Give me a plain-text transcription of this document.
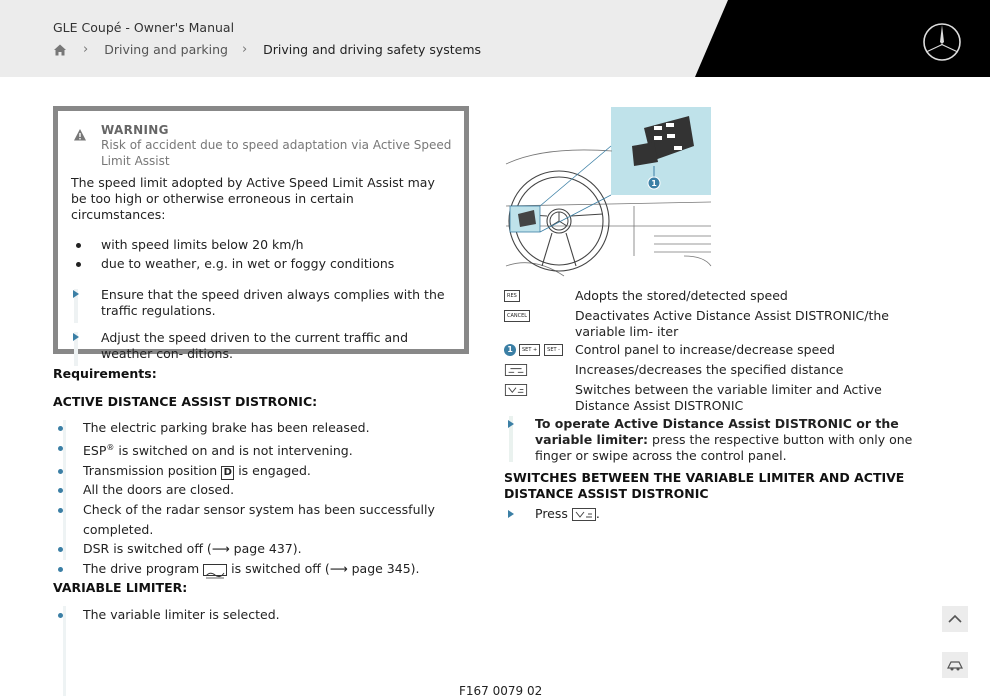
GLE Coupé - Owner's Manual
› Driving and parking › Driving and driving safety systems
WARNING
Risk of accident due to speed adaptation via Active Speed Limit Assist
The speed limit adopted by Active Speed Limit Assist may be too high or otherwise erroneous in certain circumstances:
with speed limits below 20 km/h
due to weather, e.g. in wet or foggy conditions
Ensure that the speed driven always complies with the traffic regulations.
Adjust the speed driven to the current traffic and weather con- ditions.
Requirements:
ACTIVE DISTANCE ASSIST DISTRONIC:
The electric parking brake has been released.
ESP® is switched on and is not intervening.
Transmission position D is engaged.
All the doors are closed.
Check of the radar sensor system has been successfully completed.
DSR is switched off (⟶ page 437).
The drive program  is switched off (⟶ page 345).
VARIABLE LIMITER:
The variable limiter is selected.
1
RES	Adopts the stored/detected speed
CANCEL	Deactivates Active Distance Assist DISTRONIC/the variable lim- iter
1 SET + SET - Control panel to increase/decrease speed
Increases/decreases the specified distance
Switches between the variable limiter and Active Distance Assist DISTRONIC
To operate Active Distance Assist DISTRONIC or the variable limiter: press the respective button with only one finger or swipe across the control panel.
SWITCHES BETWEEN THE VARIABLE LIMITER AND ACTIVE DISTANCE ASSIST DISTRONIC
Press .
F167 0079 02
